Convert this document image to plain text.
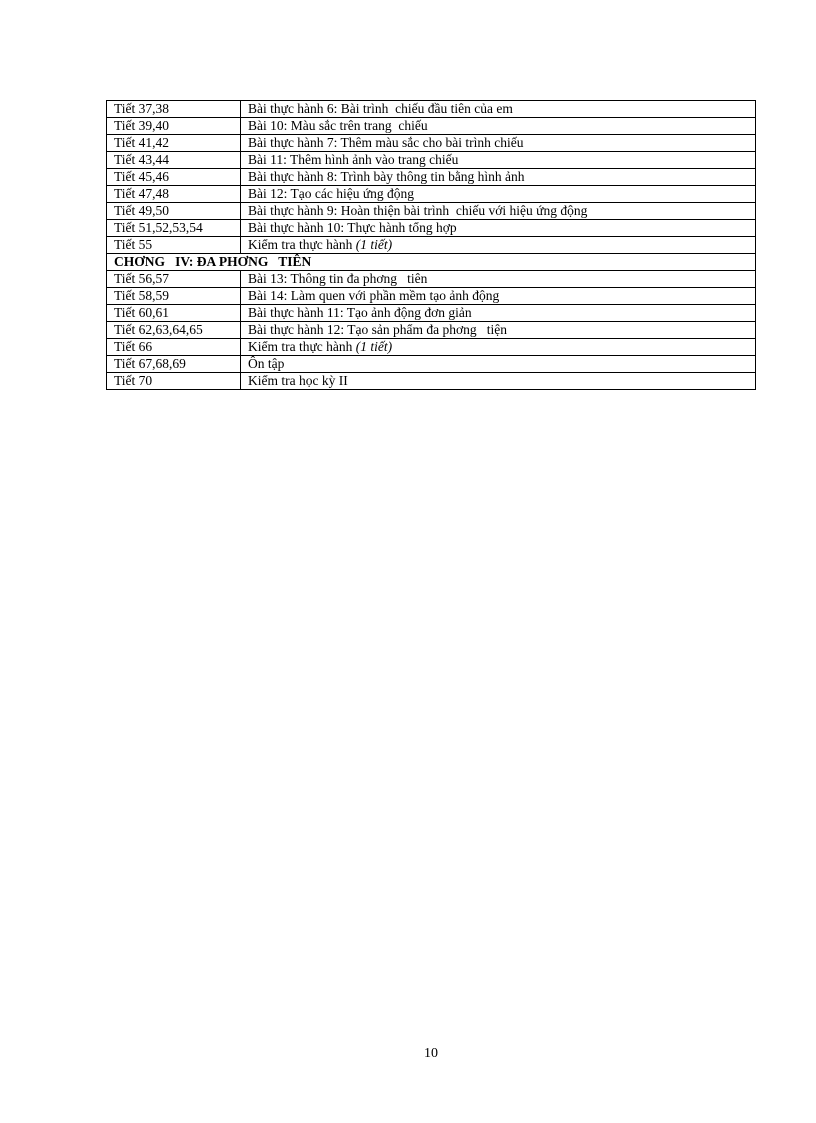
Tiết 37,38	Bài thực hành 6: Bài trình  chiếu đầu tiên của em
Tiết 39,40	Bài 10: Màu sắc trên trang  chiếu
Tiết 41,42	Bài thực hành 7: Thêm màu sắc cho bài trình chiếu
Tiết 43,44	Bài 11: Thêm hình ảnh vào trang chiếu
Tiết 45,46	Bài thực hành 8: Trình bày thông tin bằng hình ảnh
Tiết 47,48	Bài 12: Tạo các hiệu ứng động
Tiết 49,50	Bài thực hành 9: Hoàn thiện bài trình  chiếu với hiệu ứng động
Tiết 51,52,53,54	Bài thực hành 10: Thực hành tổng hợp
Tiết 55	Kiểm tra thực hành (1 tiết)
CHƠNG   IV: ĐA PHƠNG   TIÊN	
Tiết 56,57	Bài 13: Thông tin đa phơng   tiên
Tiết 58,59	Bài 14: Làm quen với phần mềm tạo ảnh động
Tiết 60,61	Bài thực hành 11: Tạo ảnh động đơn giản
Tiết 62,63,64,65	Bài thực hành 12: Tạo sản phẩm đa phơng   tiện
Tiết 66	Kiểm tra thực hành (1 tiết)
Tiết 67,68,69	Ôn tập
Tiết 70	Kiểm tra học kỳ II
10
